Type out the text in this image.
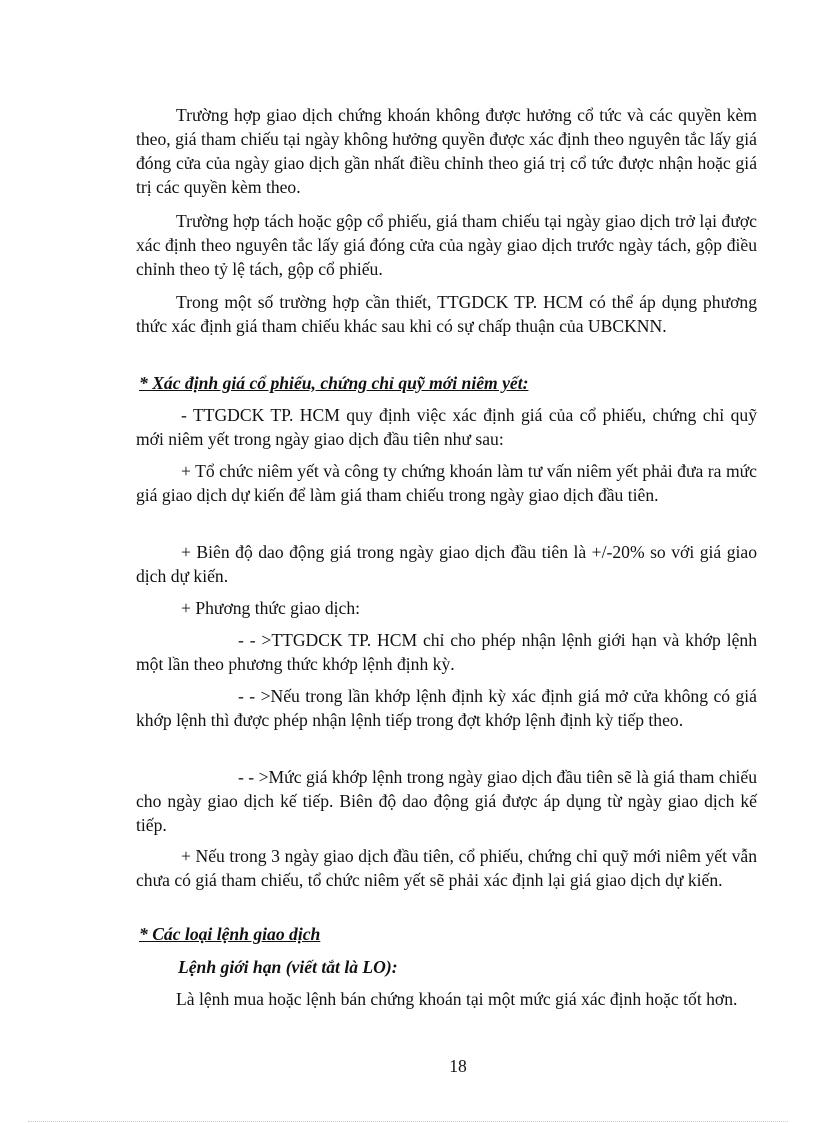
Trường hợp giao dịch chứng khoán không được hưởng cổ tức và các quyền kèm theo, giá tham chiếu tại ngày không hưởng quyền được xác định theo nguyên tắc lấy giá đóng cửa của ngày giao dịch gần nhất điều chỉnh theo giá trị cổ tức được nhận hoặc giá trị các quyền kèm theo.
Trường hợp tách hoặc gộp cổ phiếu, giá tham chiếu tại ngày giao dịch trở lại được xác định theo nguyên tắc lấy giá đóng cửa của ngày giao dịch trước ngày tách, gộp điều chỉnh theo tỷ lệ tách, gộp cổ phiếu.
Trong một số trường hợp cần thiết, TTGDCK TP. HCM có thể áp dụng phương thức xác định giá tham chiếu khác sau khi có sự chấp thuận của UBCKNN.
* Xác định giá cổ phiếu, chứng chỉ quỹ mới niêm yết:
- TTGDCK TP. HCM quy định việc xác định giá của cổ phiếu, chứng chỉ quỹ mới niêm yết trong ngày giao dịch đầu tiên như sau:
+ Tổ chức niêm yết và công ty chứng khoán làm tư vấn niêm yết phải đưa ra mức giá giao dịch dự kiến để làm giá tham chiếu trong ngày giao dịch đầu tiên.
+ Biên độ dao động giá trong ngày giao dịch đầu tiên là +/-20% so với giá giao dịch dự kiến.
+ Phương thức giao dịch:
- - >TTGDCK TP. HCM chỉ cho phép nhận lệnh giới hạn và khớp lệnh một lần theo phương thức khớp lệnh định kỳ.
- - >Nếu trong lần khớp lệnh định kỳ xác định giá mở cửa không có giá khớp lệnh thì được phép nhận lệnh tiếp trong đợt khớp lệnh định kỳ tiếp theo.
- - >Mức giá khớp lệnh trong ngày giao dịch đầu tiên sẽ là giá tham chiếu cho ngày giao dịch kế tiếp. Biên độ dao động giá được áp dụng từ ngày giao dịch kế tiếp.
+ Nếu trong 3 ngày giao dịch đầu tiên, cổ phiếu, chứng chỉ quỹ mới niêm yết vẫn chưa có giá tham chiếu, tổ chức niêm yết sẽ phải xác định lại giá giao dịch dự kiến.
* Các loại lệnh giao dịch
Lệnh giới hạn (viết tắt là LO):
Là lệnh mua hoặc lệnh bán chứng khoán tại một mức giá xác định hoặc tốt hơn.
18
